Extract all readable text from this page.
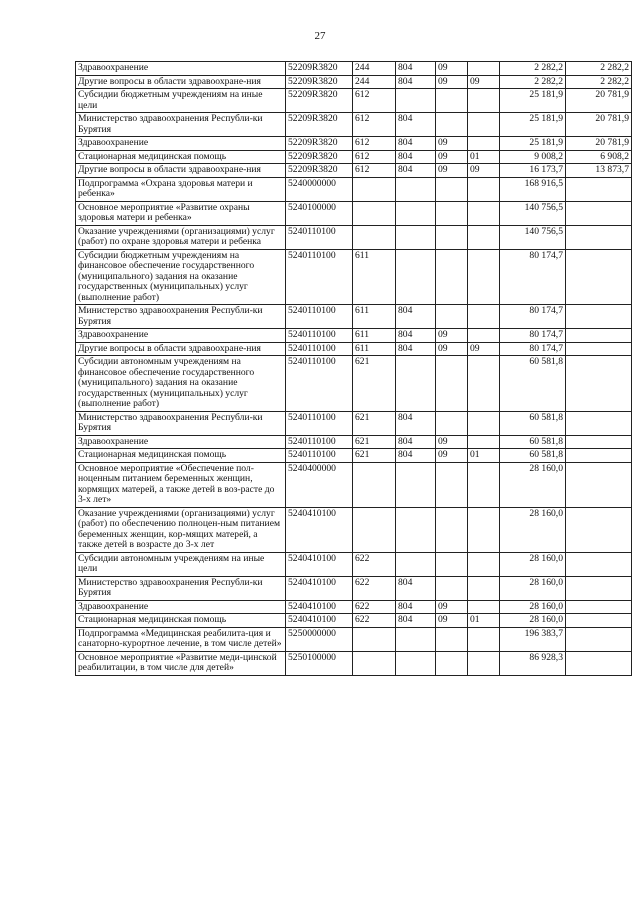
27
Здравоохранение	52209R3820	244	804	09		2 282,2	2 282,2
Другие вопросы в области здравоохране-ния	52209R3820	244	804	09	09	2 282,2	2 282,2
Субсидии бюджетным учреждениям на иные цели	52209R3820	612				25 181,9	20 781,9
Министерство здравоохранения Республи-ки Бурятия	52209R3820	612	804			25 181,9	20 781,9
Здравоохранение	52209R3820	612	804	09		25 181,9	20 781,9
Стационарная медицинская помощь	52209R3820	612	804	09	01	9 008,2	6 908,2
Другие вопросы в области здравоохране-ния	52209R3820	612	804	09	09	16 173,7	13 873,7
Подпрограмма «Охрана здоровья матери и ребенка»	5240000000					168 916,5	
Основное мероприятие «Развитие охраны здоровья матери и ребенка»	5240100000					140 756,5	
Оказание учреждениями (организациями) услуг (работ) по охране здоровья матери и ребенка	5240110100					140 756,5	
Субсидии бюджетным учреждениям на финансовое обеспечение государственного (муниципального) задания на оказание государственных (муниципальных) услуг (выполнение работ)	5240110100	611				80 174,7	
Министерство здравоохранения Республи-ки Бурятия	5240110100	611	804			80 174,7	
Здравоохранение	5240110100	611	804	09		80 174,7	
Другие вопросы в области здравоохране-ния	5240110100	611	804	09	09	80 174,7	
Субсидии автономным учреждениям на финансовое обеспечение государственного (муниципального) задания на оказание государственных (муниципальных) услуг (выполнение работ)	5240110100	621				60 581,8	
Министерство здравоохранения Республи-ки Бурятия	5240110100	621	804			60 581,8	
Здравоохранение	5240110100	621	804	09		60 581,8	
Стационарная медицинская помощь	5240110100	621	804	09	01	60 581,8	
Основное мероприятие «Обеспечение пол-ноценным питанием беременных женщин, кормящих матерей, а также детей в воз-расте до 3-х лет»	5240400000					28 160,0	
Оказание учреждениями (организациями) услуг (работ) по обеспечению полноцен-ным питанием беременных женщин, кор-мящих матерей, а также детей в возрасте до 3-х лет	5240410100					28 160,0	
Субсидии автономным учреждениям на иные цели	5240410100	622				28 160,0	
Министерство здравоохранения Республи-ки Бурятия	5240410100	622	804			28 160,0	
Здравоохранение	5240410100	622	804	09		28 160,0	
Стационарная медицинская помощь	5240410100	622	804	09	01	28 160,0	
Подпрограмма «Медицинская реабилита-ция и санаторно-курортное лечение, в том числе детей»	5250000000					196 383,7	
Основное мероприятие «Развитие меди-цинской реабилитации, в том числе для детей»	5250100000					86 928,3	
